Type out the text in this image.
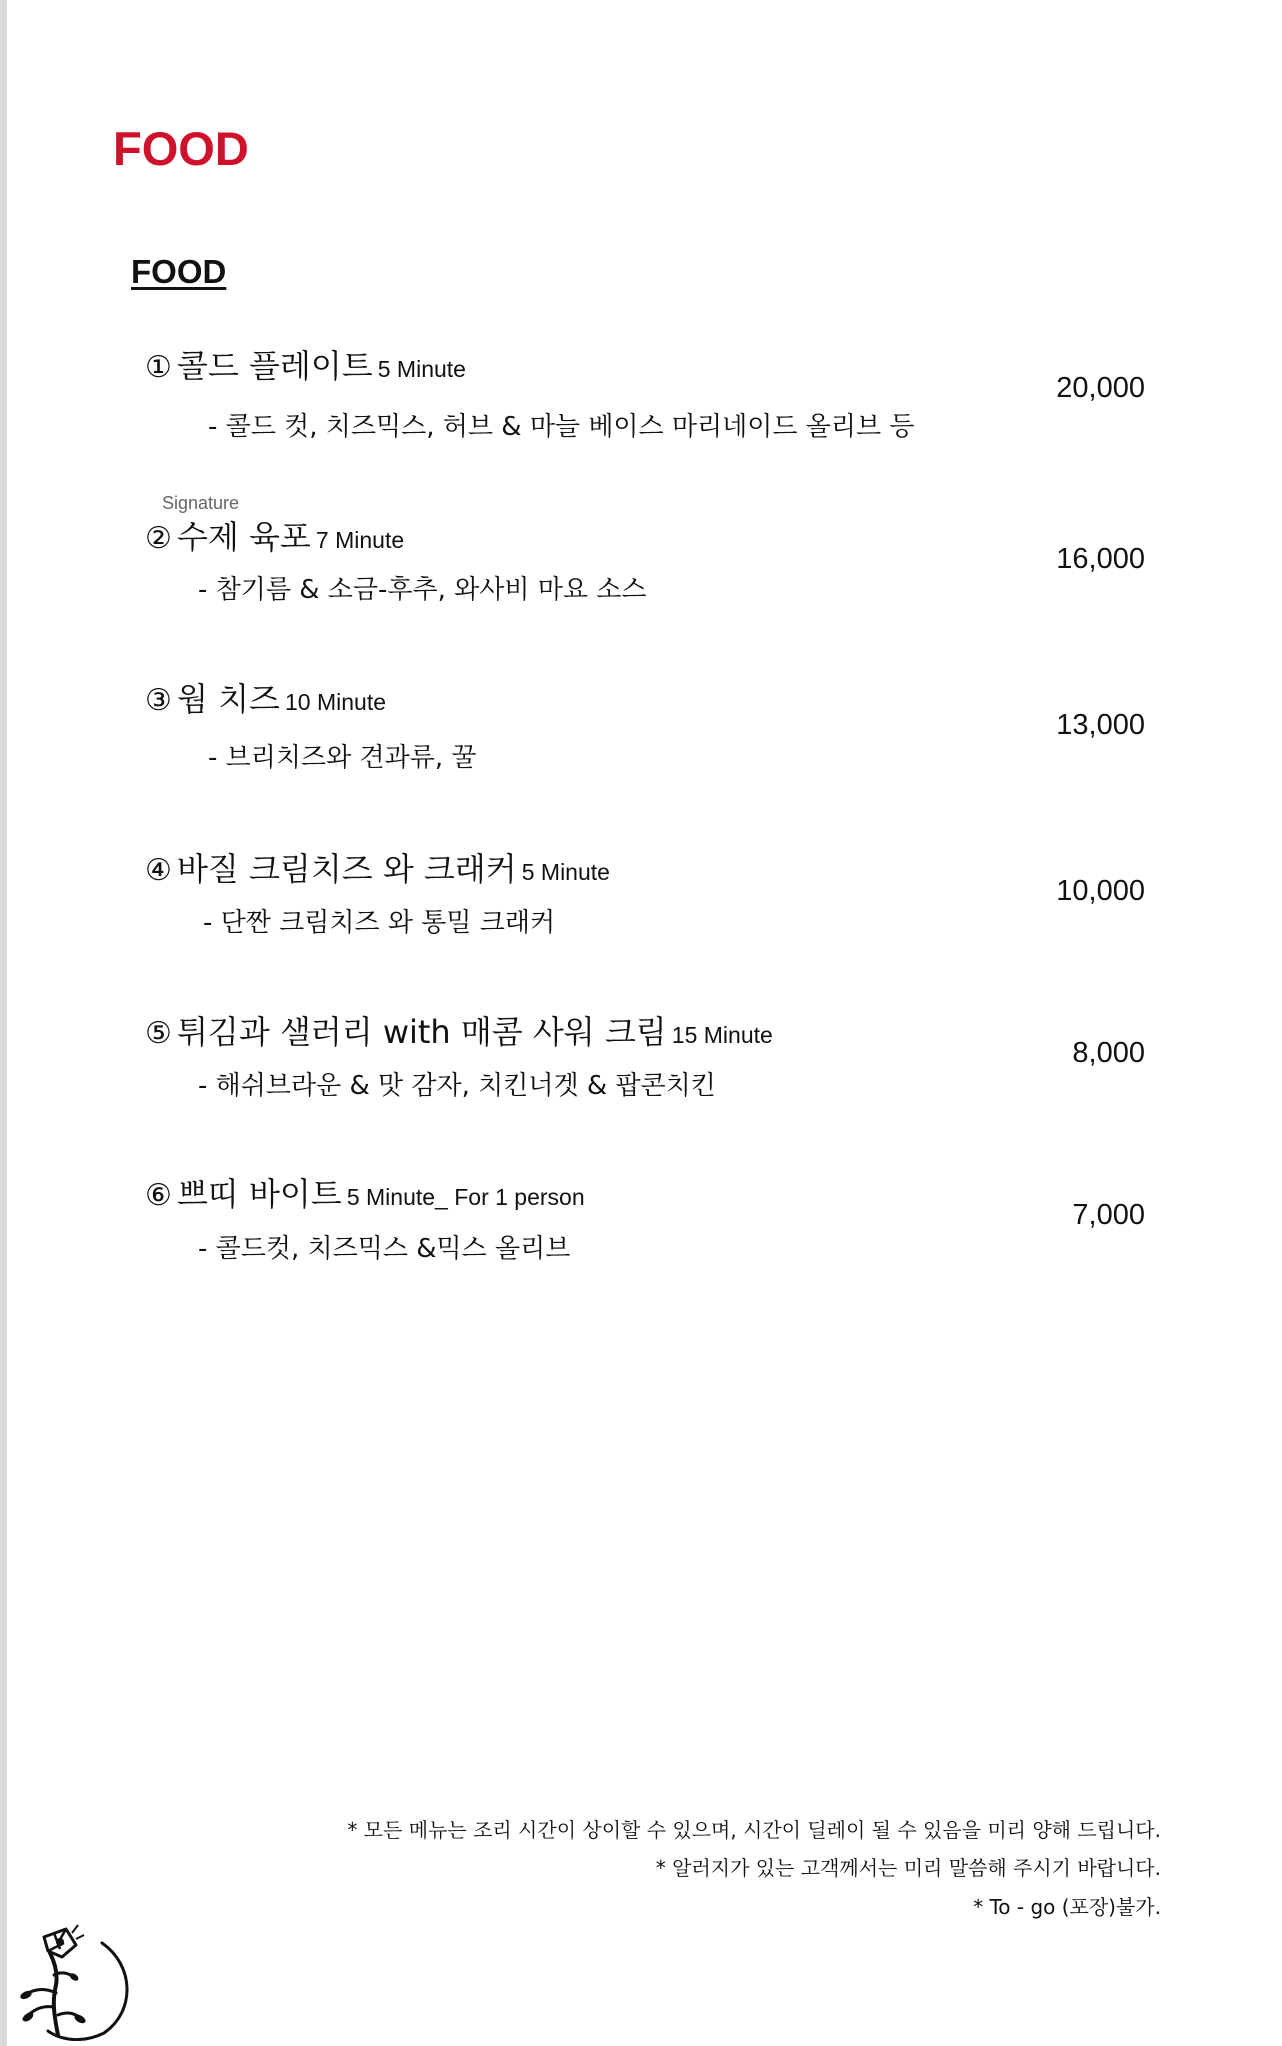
FOOD
FOOD
① 콜드 플레이트 5 Minute
- 콜드 컷, 치즈믹스, 허브 & 마늘 베이스 마리네이드 올리브 등
20,000
Signature
② 수제 육포 7 Minute
- 참기름 & 소금-후추, 와사비 마요 소스
16,000
③ 웜 치즈 10 Minute
- 브리치즈와 견과류, 꿀
13,000
④ 바질 크림치즈 와 크래커 5 Minute
- 단짠 크림치즈 와 통밀 크래커
10,000
⑤ 튀김과 샐러리 with 매콤 사워 크림 15 Minute
- 해쉬브라운 & 맛 감자, 치킨너겟 & 팝콘치킨
8,000
⑥ 쁘띠 바이트 5 Minute_ For 1 person
- 콜드컷, 치즈믹스 &믹스 올리브
7,000
* 모든 메뉴는 조리 시간이 상이할 수 있으며, 시간이 딜레이 될 수 있음을 미리 양해 드립니다.
* 알러지가 있는 고객께서는 미리 말씀해 주시기 바랍니다.
* To - go (포장)불가.
